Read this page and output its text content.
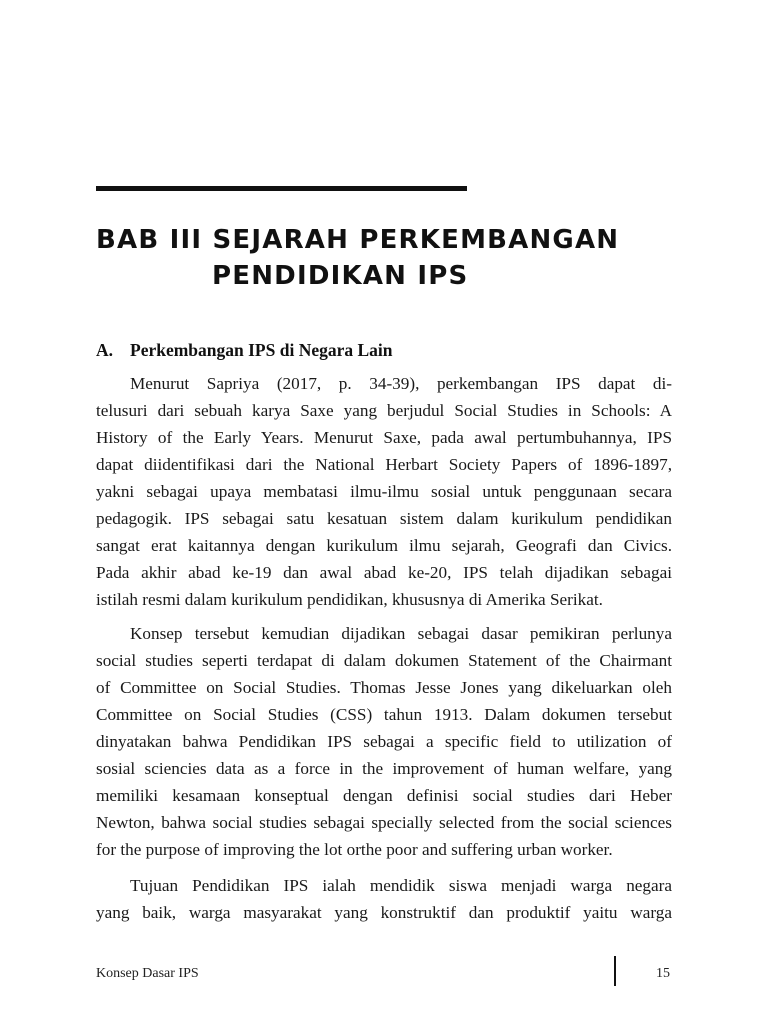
BAB III SEJARAH PERKEMBANGAN
PENDIDIKAN IPS
A. Perkembangan IPS di Negara Lain
Menurut Sapriya (2017, p. 34-39), perkembangan IPS dapat di-
telusuri dari sebuah karya Saxe yang berjudul Social Studies in Schools: A
History of the Early Years. Menurut Saxe, pada awal pertumbuhannya, IPS
dapat diidentifikasi dari the National Herbart Society Papers of 1896-1897,
yakni sebagai upaya membatasi ilmu-ilmu sosial untuk penggunaan secara
pedagogik. IPS sebagai satu kesatuan sistem dalam kurikulum pendidikan
sangat erat kaitannya dengan kurikulum ilmu sejarah, Geografi dan Civics.
Pada akhir abad ke-19 dan awal abad ke-20, IPS telah dijadikan sebagai
istilah resmi dalam kurikulum pendidikan, khususnya di Amerika Serikat.
Konsep tersebut kemudian dijadikan sebagai dasar pemikiran perlunya
social studies seperti terdapat di dalam dokumen Statement of the Chairmant
of Committee on Social Studies. Thomas Jesse Jones yang dikeluarkan oleh
Committee on Social Studies (CSS) tahun 1913. Dalam dokumen tersebut
dinyatakan bahwa Pendidikan IPS sebagai a specific field to utilization of
sosial sciencies data as a force in the improvement of human welfare, yang
memiliki kesamaan konseptual dengan definisi social studies dari Heber
Newton, bahwa social studies sebagai specially selected from the social sciences
for the purpose of improving the lot orthe poor and suffering urban worker.
Tujuan Pendidikan IPS ialah mendidik siswa menjadi warga negara
yang baik, warga masyarakat yang konstruktif dan produktif yaitu warga
Konsep Dasar IPS	15
